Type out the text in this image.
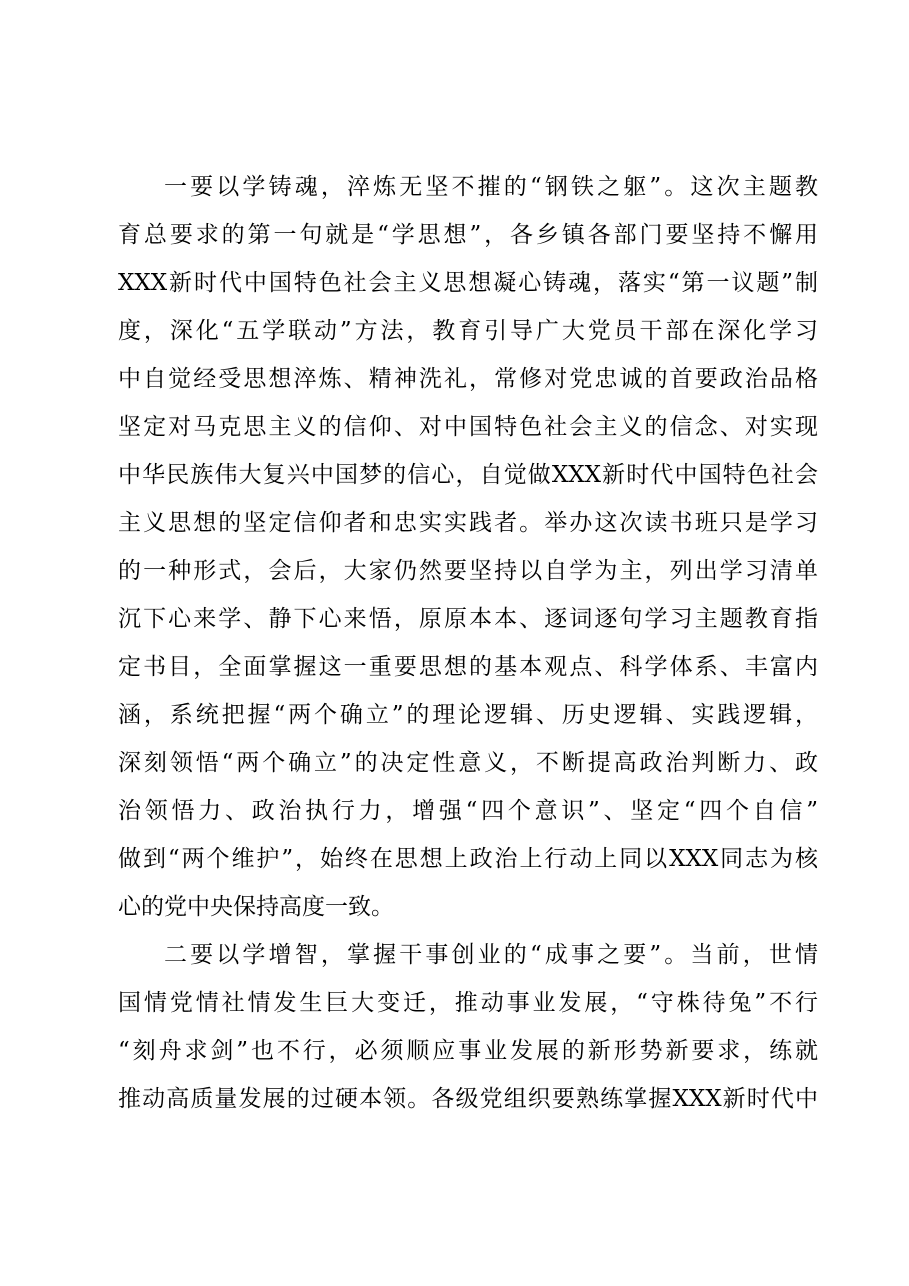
一要以学铸魂，淬炼无坚不摧的“钢铁之躯”。这次主题教
育总要求的第一句就是“学思想”，各乡镇各部门要坚持不懈用
XXX新时代中国特色社会主义思想凝心铸魂，落实“第一议题”制
度，深化“五学联动”方法，教育引导广大党员干部在深化学习
中自觉经受思想淬炼、精神洗礼，常修对党忠诚的首要政治品格
坚定对马克思主义的信仰、对中国特色社会主义的信念、对实现
中华民族伟大复兴中国梦的信心，自觉做XXX新时代中国特色社会
主义思想的坚定信仰者和忠实实践者。举办这次读书班只是学习
的一种形式，会后，大家仍然要坚持以自学为主，列出学习清单
沉下心来学、静下心来悟，原原本本、逐词逐句学习主题教育指
定书目，全面掌握这一重要思想的基本观点、科学体系、丰富内
涵，系统把握“两个确立”的理论逻辑、历史逻辑、实践逻辑，
深刻领悟“两个确立”的决定性意义，不断提高政治判断力、政
治领悟力、政治执行力，增强“四个意识”、坚定“四个自信”
做到“两个维护”，始终在思想上政治上行动上同以XXX同志为核
心的党中央保持高度一致。
二要以学增智，掌握干事创业的“成事之要”。当前，世情
国情党情社情发生巨大变迁，推动事业发展，“守株待兔”不行
“刻舟求剑”也不行，必须顺应事业发展的新形势新要求，练就
推动高质量发展的过硬本领。各级党组织要熟练掌握XXX新时代中
